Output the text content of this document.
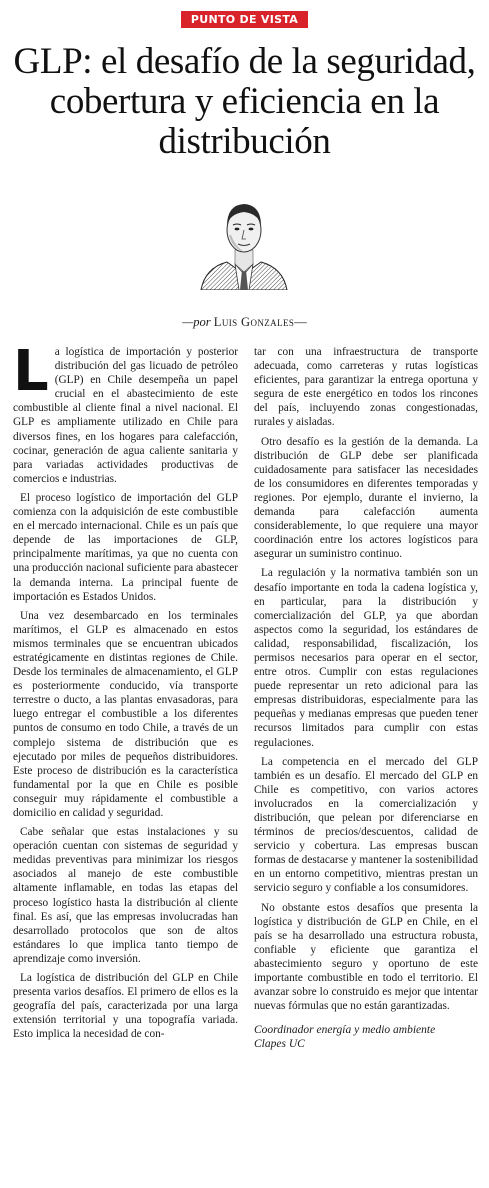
PUNTO DE VISTA
GLP: el desafío de la seguridad, cobertura y eficiencia en la distribución
—por Luis Gonzales—

La logística de importación y posterior distribución del gas licuado de petróleo (GLP) en Chile desempeña un papel crucial en el abastecimiento de este combustible al cliente final a nivel nacional. El GLP es ampliamente utilizado en Chile para diversos fines, en los hogares para calefacción, cocinar, generación de agua caliente sanitaria y para variadas actividades productivas de comercios e industrias.

El proceso logístico de importación del GLP comienza con la adquisición de este combustible en el mercado internacional. Chile es un país que depende de las importaciones de GLP, principalmente marítimas, ya que no cuenta con una producción nacional suficiente para abastecer la demanda interna. La principal fuente de importación es Estados Unidos.

Una vez desembarcado en los terminales marítimos, el GLP es almacenado en estos mismos terminales que se encuentran ubicados estratégicamente en distintas regiones de Chile. Desde los terminales de almacenamiento, el GLP es posteriormente conducido, vía transporte terrestre o ducto, a las plantas envasadoras, para luego entregar el combustible a los diferentes puntos de consumo en todo Chile, a través de un complejo sistema de distribución que es ejecutado por miles de pequeños distribuidores. Este proceso de distribución es la característica fundamental por la que en Chile es posible conseguir muy rápidamente el combustible a domicilio en calidad y seguridad.

Cabe señalar que estas instalaciones y su operación cuentan con sistemas de seguridad y medidas preventivas para minimizar los riesgos asociados al manejo de este combustible altamente inflamable, en todas las etapas del proceso logístico hasta la distribución al cliente final. Es así, que las empresas involucradas han desarrollado protocolos que son de altos estándares lo que implica tanto tiempo de aprendizaje como inversión.

La logística de distribución del GLP en Chile presenta varios desafíos. El primero de ellos es la geografía del país, caracterizada por una larga extensión territorial y una topografía variada. Esto implica la necesidad de con-

tar con una infraestructura de transporte adecuada, como carreteras y rutas logísticas eficientes, para garantizar la entrega oportuna y segura de este energético en todos los rincones del país, incluyendo zonas congestionadas, rurales y aisladas.

Otro desafío es la gestión de la demanda. La distribución de GLP debe ser planificada cuidadosamente para satisfacer las necesidades de los consumidores en diferentes temporadas y regiones. Por ejemplo, durante el invierno, la demanda para calefacción aumenta considerablemente, lo que requiere una mayor coordinación entre los actores logísticos para asegurar un suministro continuo.

La regulación y la normativa también son un desafío importante en toda la cadena logística y, en particular, para la distribución y comercialización del GLP, ya que abordan aspectos como la seguridad, los estándares de calidad, responsabilidad, fiscalización, los permisos necesarios para operar en el sector, entre otros. Cumplir con estas regulaciones puede representar un reto adicional para las empresas distribuidoras, especialmente para las pequeñas y medianas empresas que pueden tener recursos limitados para cumplir con estas regulaciones.

La competencia en el mercado del GLP también es un desafío. El mercado del GLP en Chile es competitivo, con varios actores involucrados en la comercialización y distribución, que pelean por diferenciarse en términos de precios/descuentos, calidad de servicio y cobertura. Las empresas buscan formas de destacarse y mantener la sostenibilidad en un entorno competitivo, mientras prestan un servicio seguro y confiable a los consumidores.

No obstante estos desafíos que presenta la logística y distribución de GLP en Chile, en el país se ha desarrollado una estructura robusta, confiable y eficiente que garantiza el abastecimiento seguro y oportuno de este importante combustible en todo el territorio. El avanzar sobre lo construido es mejor que intentar nuevas fórmulas que no están garantizadas.

Coordinador energía y medio ambiente
Clapes UC
